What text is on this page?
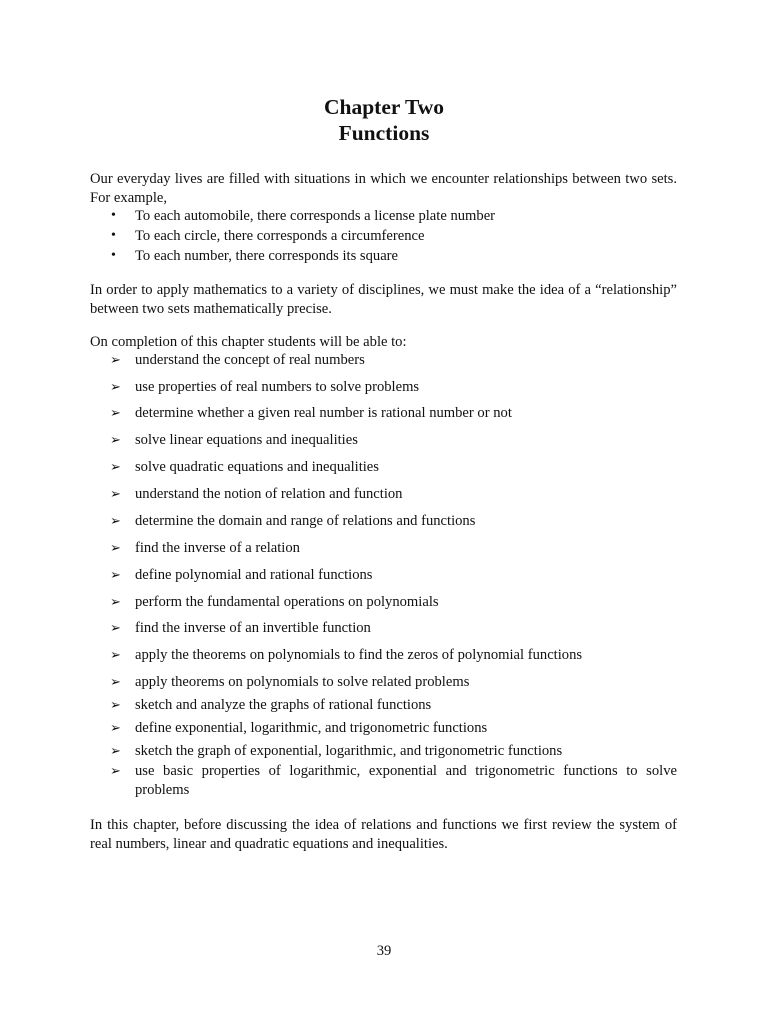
Chapter Two
Functions

Our everyday lives are filled with situations in which we encounter relationships between two sets. For example,

• To each automobile, there corresponds a license plate number
• To each circle, there corresponds a circumference
• To each number, there corresponds its square

In order to apply mathematics to a variety of disciplines, we must make the idea of a “relationship” between two sets mathematically precise.

On completion of this chapter students will be able to:

➢ understand the concept of real numbers
➢ use properties of real numbers to solve problems
➢ determine whether a given real number is rational number or not
➢ solve linear equations and inequalities
➢ solve quadratic equations and inequalities
➢ understand the notion of relation and function
➢ determine the domain and range of relations and functions
➢ find the inverse of a relation
➢ define polynomial and rational functions
➢ perform the fundamental operations on polynomials
➢ find the inverse of an invertible function
➢ apply the theorems on polynomials to find the zeros of polynomial functions
➢ apply theorems on polynomials to solve related problems
➢ sketch and analyze the graphs of rational functions
➢ define exponential, logarithmic, and trigonometric functions
➢ sketch the graph of exponential, logarithmic, and trigonometric functions
➢ use basic properties of logarithmic, exponential and trigonometric functions to solve problems

In this chapter, before discussing the idea of relations and functions we first review the system of real numbers, linear and quadratic equations and inequalities.

39
